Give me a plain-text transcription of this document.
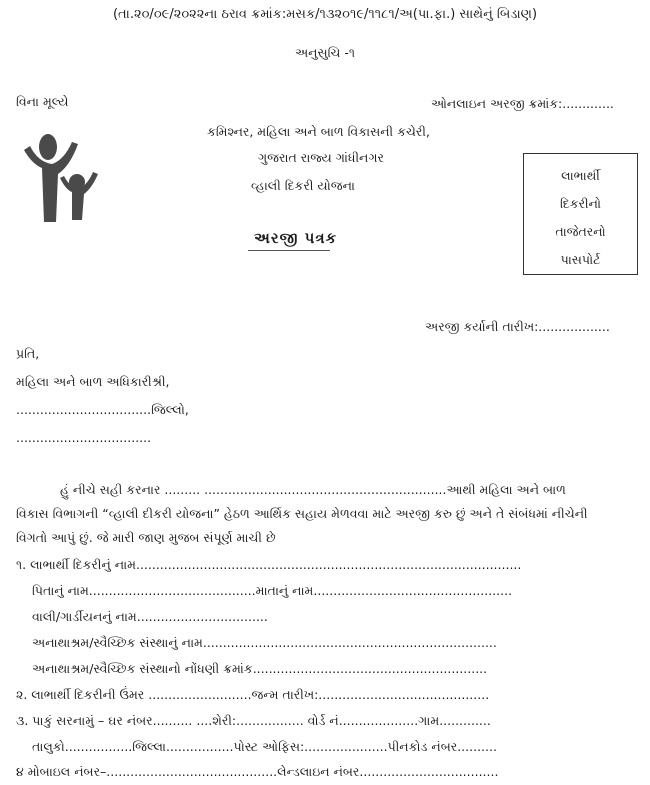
(તા.૨૦/૦૯/૨૦૨૨ના ઠરાવ ક્રમાંક:મસક/૧૩૨૦૧૯/૧૧૮૧/અ(પા.ફા.) સાથેનું બિડાણ)
અનુસુચિ -૧
વિના મૂલ્યે	ઓનલાઇન અરજી ક્રમાંક:.............
કમિશ્નર, મહિલા અને બાળ વિકાસની કચેરી,
ગુજરાત રાજ્ય ગાંધીનગર
વ્હાલી દિકરી યોજના
અરજી પત્રક
લાભાર્થી
દિકરીનો
તાજેતરનો
પાસપોર્ટ
અરજી કર્યાની તારીખ:..................
પ્રતિ,
મહિલા અને બાળ અધિકારીશ્રી,
..................................જિલ્લો,
..................................
હું નીચે સહી કરનાર ......... .............................................................આથી મહિલા અને બાળ
વિકાસ વિભાગની “વ્હાલી દીકરી યોજના” હેઠળ આર્થિક સહાય મેળવવા માટે અરજી કરુ છું અને તે સંબંધમાં નીચેની
વિગતો આપું છું. જે મારી જાણ મુજબ સંપૂર્ણ માચી છે
૧. લાભાર્થી દિકરીનું નામ.................................................................................................
પિતાનું નામ..........................................માતાનું નામ..................................................
વાલી/ગાર્ડીયનનું નામ.................................
અનાથાશ્રમ/સ્વૈચ્છિક સંસ્થાનું નામ..........................................................................
અનાથાશ્રમ/સ્વૈચ્છિક સંસ્થાનો નોંધણી ક્રમાંક...........................................................
૨. લાભાર્થી દિકરીની ઉંમર ..........................જન્મ તારીખ:...........................................
૩. પાકું સરનામું – ઘર નંબર.......... ....શેરી:................. વોર્ડ નં....................ગામ.............
તાલુકો.................જિલ્લા.................પોસ્ટ ઓફિસ:.....................પીનકોડ નંબર..........
૪ મોબાઇલ નંબર–...........................................લેન્ડલાઇન નંબર...................................
